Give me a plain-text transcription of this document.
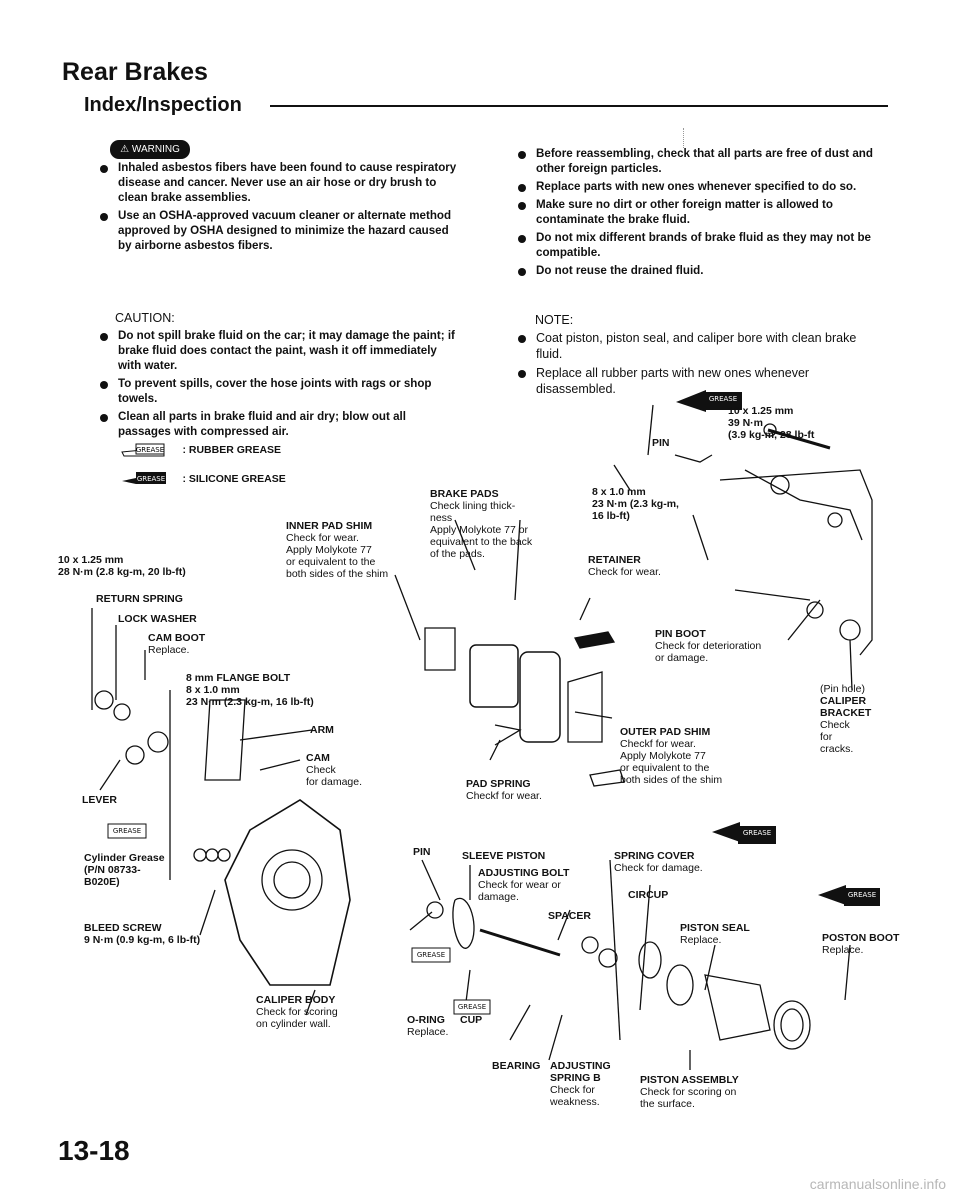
Rear Brakes
Index/Inspection
⚠ WARNING
Inhaled asbestos fibers have been found to cause respiratory disease and cancer. Never use an air hose or dry brush to clean brake assemblies.
Use an OSHA-approved vacuum cleaner or alternate method approved by OSHA designed to minimize the hazard caused by airborne asbestos fibers.
CAUTION:
Do not spill brake fluid on the car; it may damage the paint; if brake fluid does contact the paint, wash it off immediately with water.
To prevent spills, cover the hose joints with rags or shop towels.
Clean all parts in brake fluid and air dry; blow out all passages with compressed air.
Before reassembling, check that all parts are free of dust and other foreign particles.
Replace parts with new ones whenever specified to do so.
Make sure no dirt or other foreign matter is allowed to contaminate the brake fluid.
Do not mix different brands of brake fluid as they may not be compatible.
Do not reuse the drained fluid.
NOTE:
Coat piston, piston seal, and caliper bore with clean brake fluid.
Replace all rubber parts with new ones whenever disassembled.
GREASE $^{: RUBBER GREASE}$
GREASE $^{: SILICONE GREASE}$
10 x 1.25 mm
39 N·m
(3.9 kg-m, 28 lb-ft
PIN
BRAKE PADS
Check lining thick-
ness
Apply Molykote 77 or
equivalent to the back
of the pads.
8 x 1.0 mm
23 N·m (2.3 kg-m,
16 lb-ft)
INNER PAD SHIM
Check for wear.
Apply Molykote 77
or equivalent to the
both sides of the shim
RETAINER
Check for wear.
10 x 1.25 mm
28 N·m (2.8 kg-m, 20 lb-ft)
RETURN SPRING
LOCK WASHER
CAM BOOT
Replace.
PIN BOOT
Check for deterioration
or damage.
8 mm FLANGE BOLT
8 x 1.0 mm
23 N·m (2.3 kg-m, 16 lb-ft)
(Pin hole)
CALIPER
BRACKET
Check
for
cracks.
ARM	OUTER PAD SHIM
Checkf for wear.
Apply Molykote 77
or equivalent to the
both sides of the shim
CAM
Check
for damage.
LEVER
PAD SPRING
Checkf for wear.
Cylinder Grease
(P/N 08733-
B020E)
PIN	SLEEVE PISTON	SPRING COVER
Check for damage.
ADJUSTING BOLT
Check for wear or
damage.	CIRCUP
SPACER
BLEED SCREW
9 N·m (0.9 kg-m, 6 lb-ft)
PISTON SEAL
Replace.	POSTON BOOT
Replace.
CALIPER BODY
Check for scoring
on cylinder wall.	O-RING
Replace.
CUP
BEARING ADJUSTING
SPRING B
Check for
weakness.
PISTON ASSEMBLY
Check for scoring on
the surface.
GREASE
GREASE
GREASE
GREASE
GREASE
GREASE
13-18
carmanualsonline.info
